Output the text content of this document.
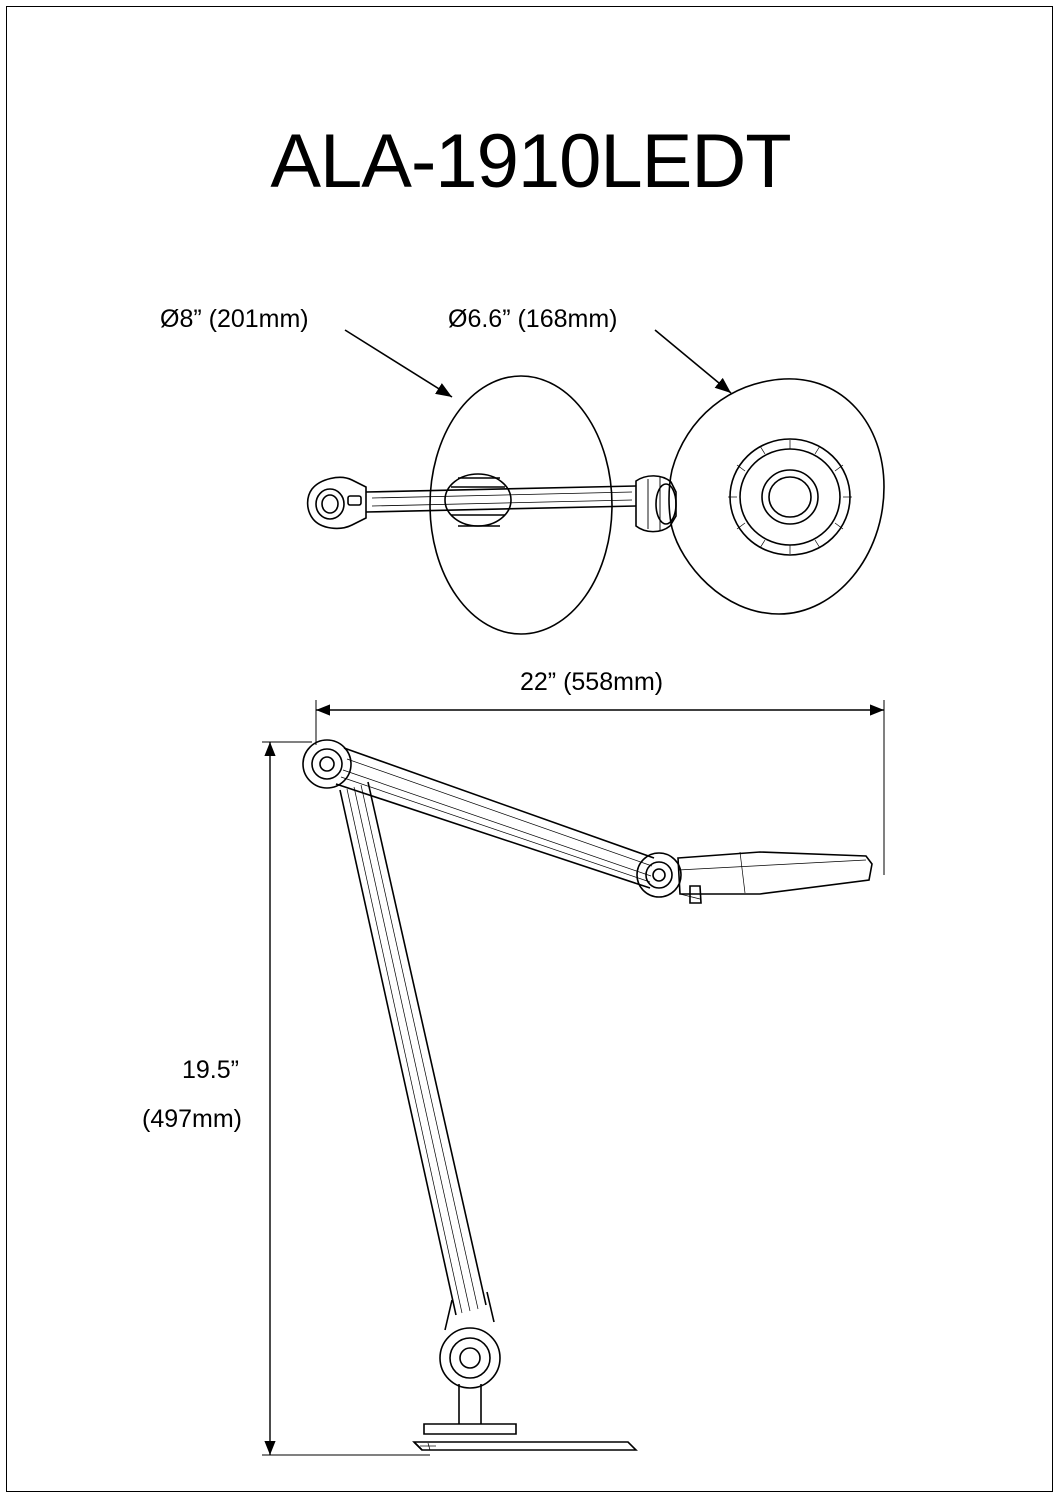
ALA-1910LEDT
Ø8” (201mm)	Ø6.6” (168mm)
22” (558mm)
19.5”
(497mm)
